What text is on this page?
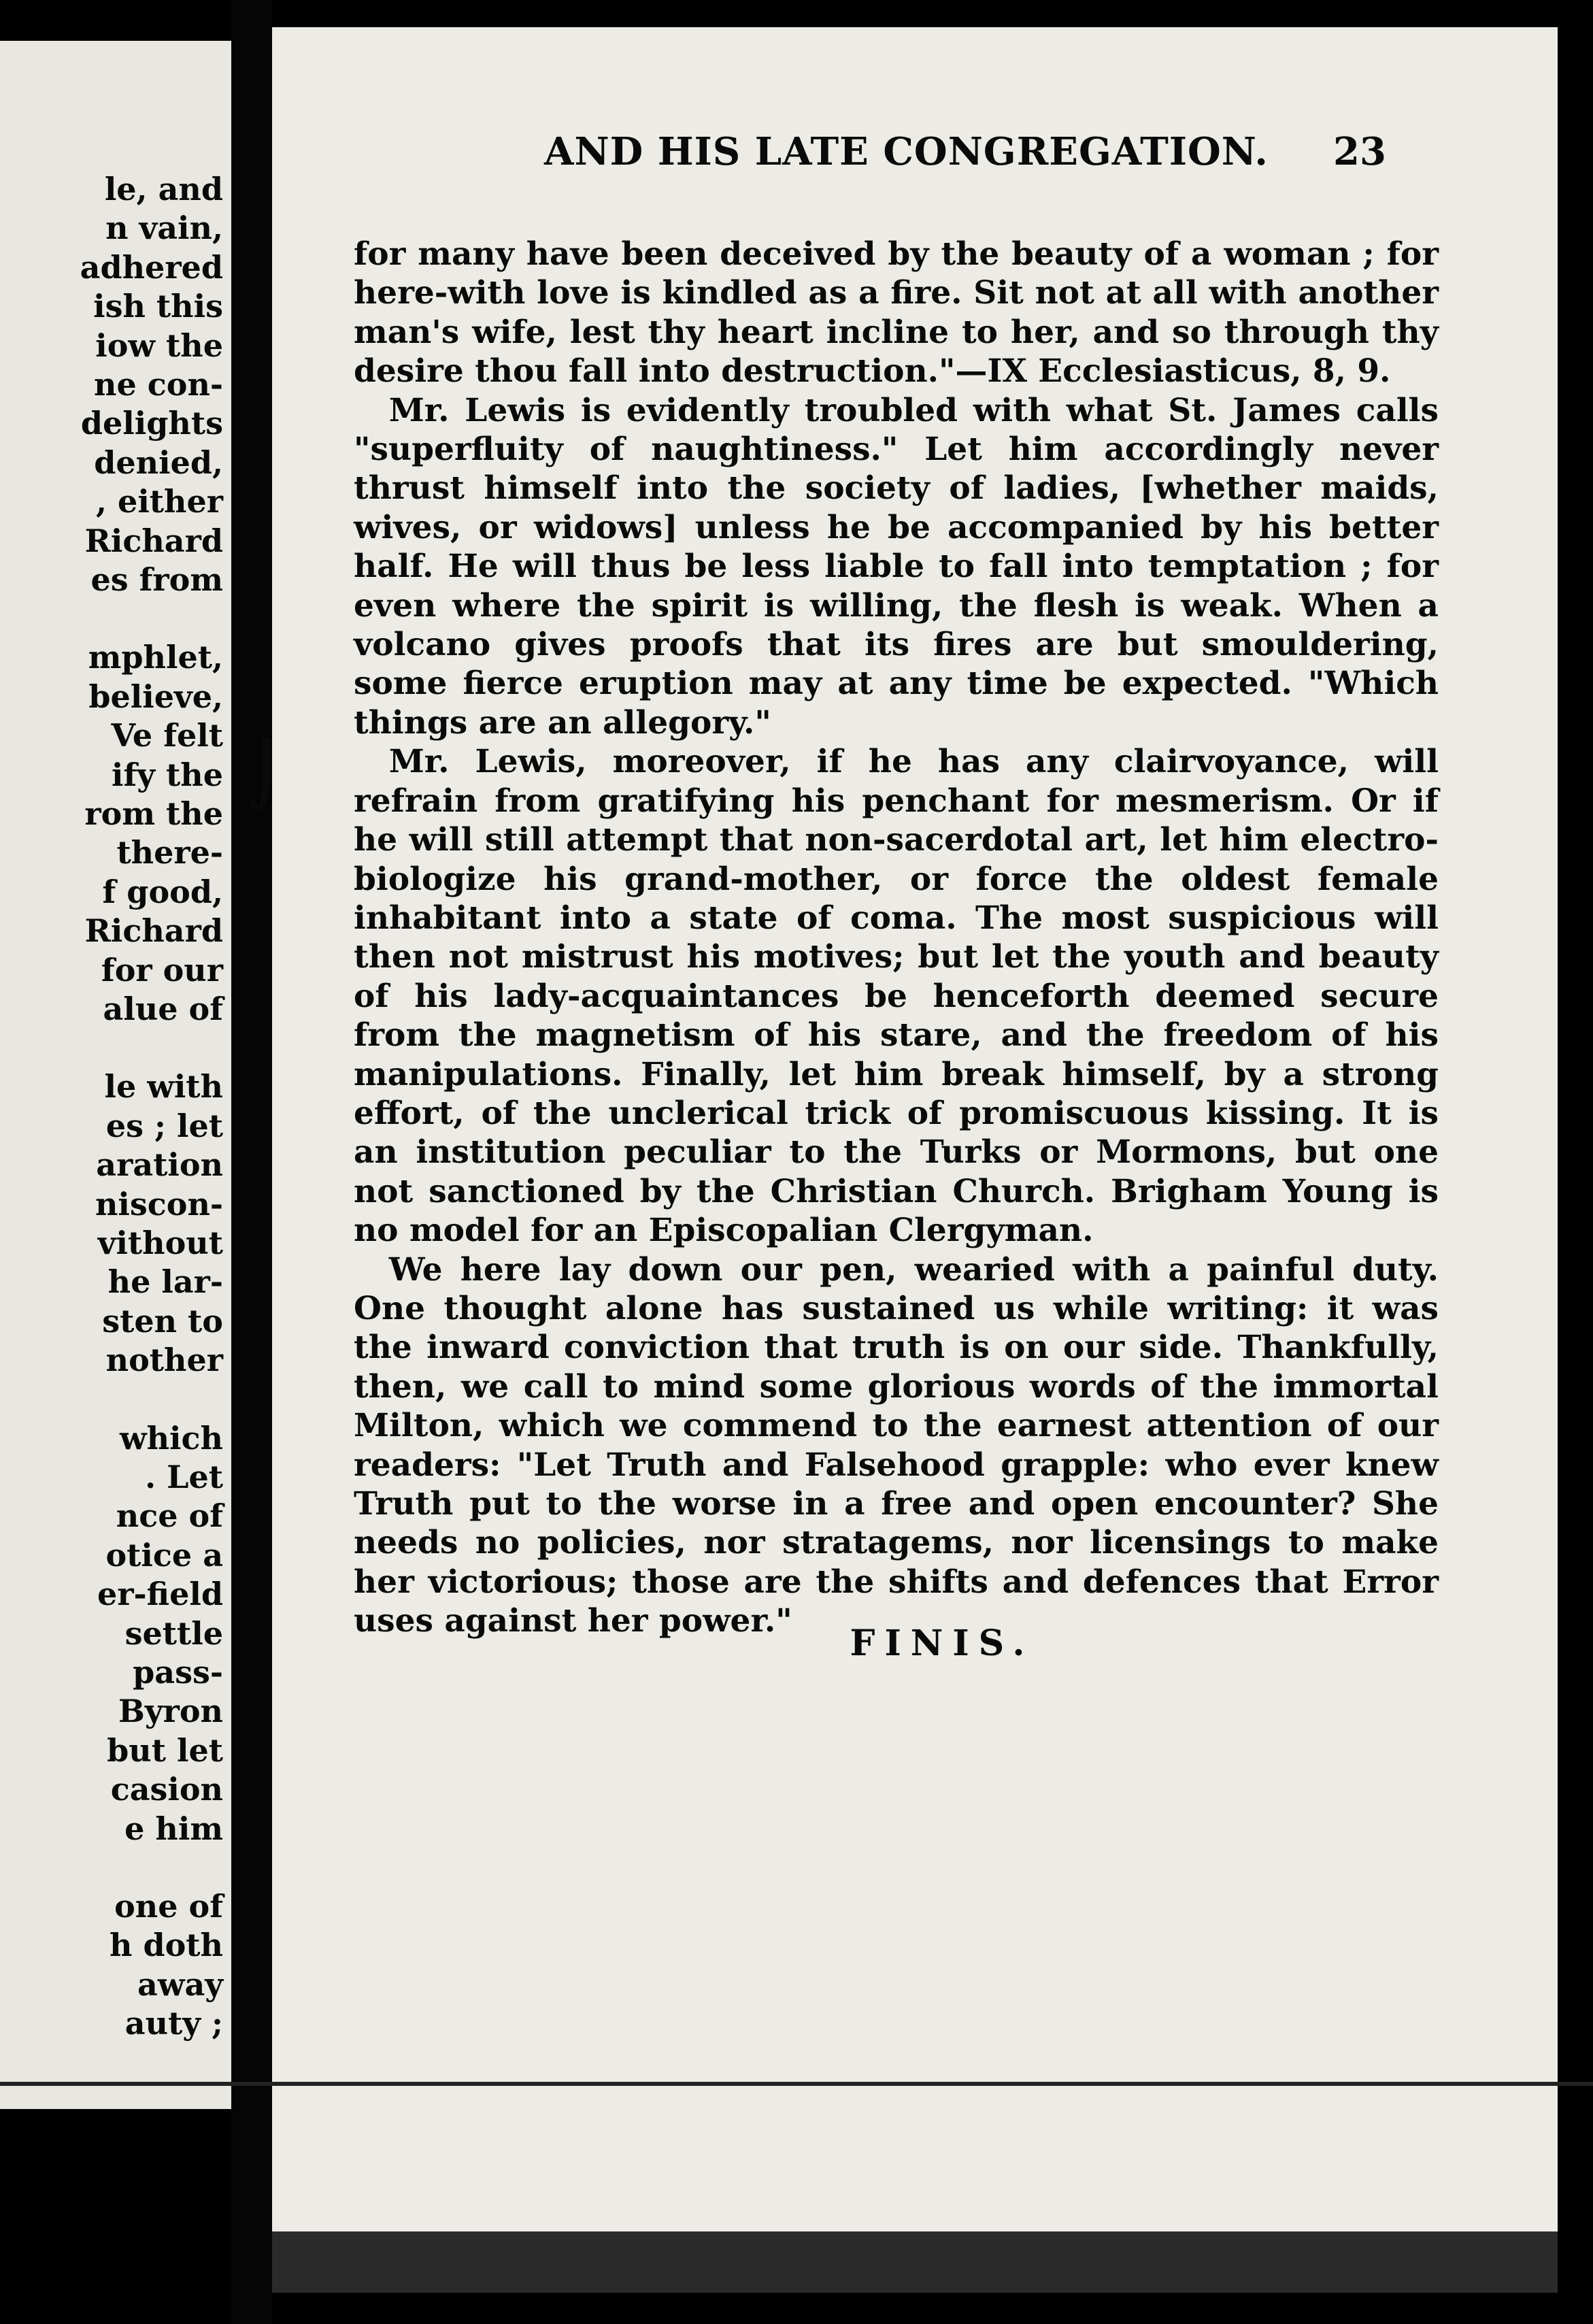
le, and
n vain,
adhered
ish this
iow the
ne con-
delights
denied,
, either
Richard
es from
mphlet,
believe,
Ve felt
ify the
rom the
there-
f good,
Richard
for our
alue of
le with
es ; let
aration
niscon-
vithout
he lar-
sten to
nother
which
. Let
nce of
otice a
er-field
settle
pass-
Byron
but let
casion
e him
one of
h doth
away
auty ;
AND HIS LATE CONGREGATION. 23

for many have been deceived by the beauty of a woman ; for here-with love is kindled as a fire. Sit not at all with another man's wife, lest thy heart incline to her, and so through thy desire thou fall into destruction."—IX Ecclesiasticus, 8, 9.

Mr. Lewis is evidently troubled with what St. James calls "superfluity of naughtiness." Let him accordingly never thrust himself into the society of ladies, [whether maids, wives, or widows] unless he be accompanied by his better half. He will thus be less liable to fall into temptation ; for even where the spirit is willing, the flesh is weak. When a volcano gives proofs that its fires are but smouldering, some fierce eruption may at any time be expected. "Which things are an allegory."

Mr. Lewis, moreover, if he has any clairvoyance, will refrain from gratifying his penchant for mesmerism. Or if he will still attempt that non-sacerdotal art, let him electro-biologize his grand-mother, or force the oldest female inhabitant into a state of coma. The most suspicious will then not mistrust his motives; but let the youth and beauty of his lady-acquaintances be henceforth deemed secure from the magnetism of his stare, and the freedom of his manipulations. Finally, let him break himself, by a strong effort, of the unclerical trick of promiscuous kissing. It is an institution peculiar to the Turks or Mormons, but one not sanctioned by the Christian Church. Brigham Young is no model for an Episcopalian Clergyman.

We here lay down our pen, wearied with a painful duty. One thought alone has sustained us while writing: it was the inward conviction that truth is on our side. Thankfully, then, we call to mind some glorious words of the immortal Milton, which we commend to the earnest attention of our readers: "Let Truth and Falsehood grapple: who ever knew Truth put to the worse in a free and open encounter? She needs no policies, nor stratagems, nor licensings to make her victorious; those are the shifts and defences that Error uses against her power."

FINIS.
⌡
